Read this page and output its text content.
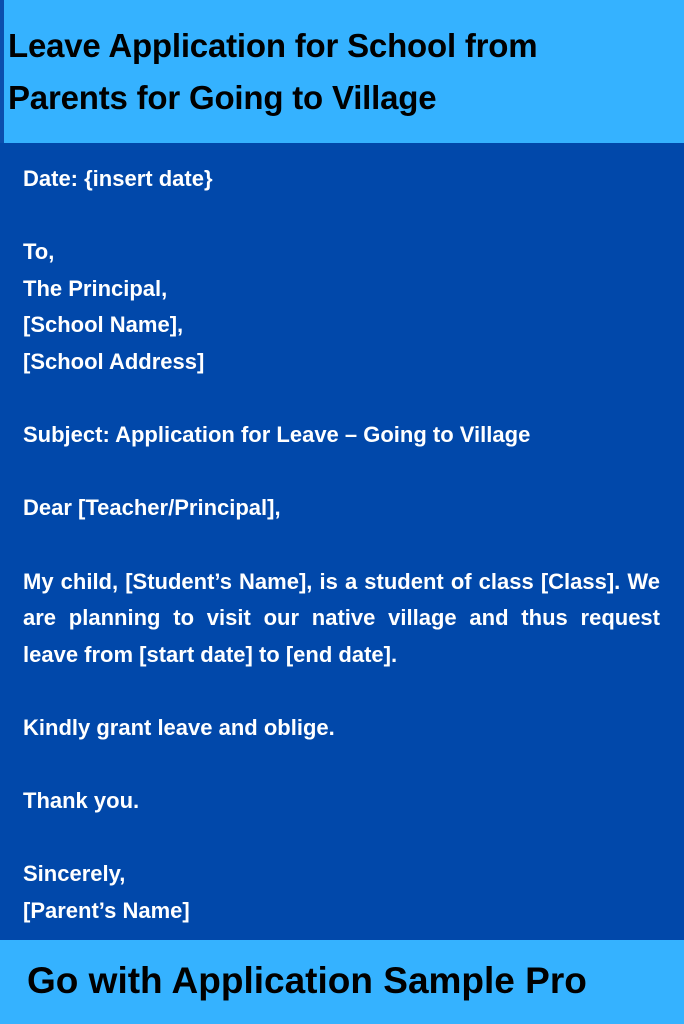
Leave Application for School from Parents for Going to Village
Date: {insert date}
To,
The Principal,
[School Name],
[School Address]
Subject: Application for Leave – Going to Village
Dear [Teacher/Principal],

My child, [Student’s Name], is a student of class [Class]. We are planning to visit our native village and thus request leave from [start date] to [end date].

Kindly grant leave and oblige.
Thank you.
Sincerely,
[Parent’s Name]

Go with Application Sample Pro
